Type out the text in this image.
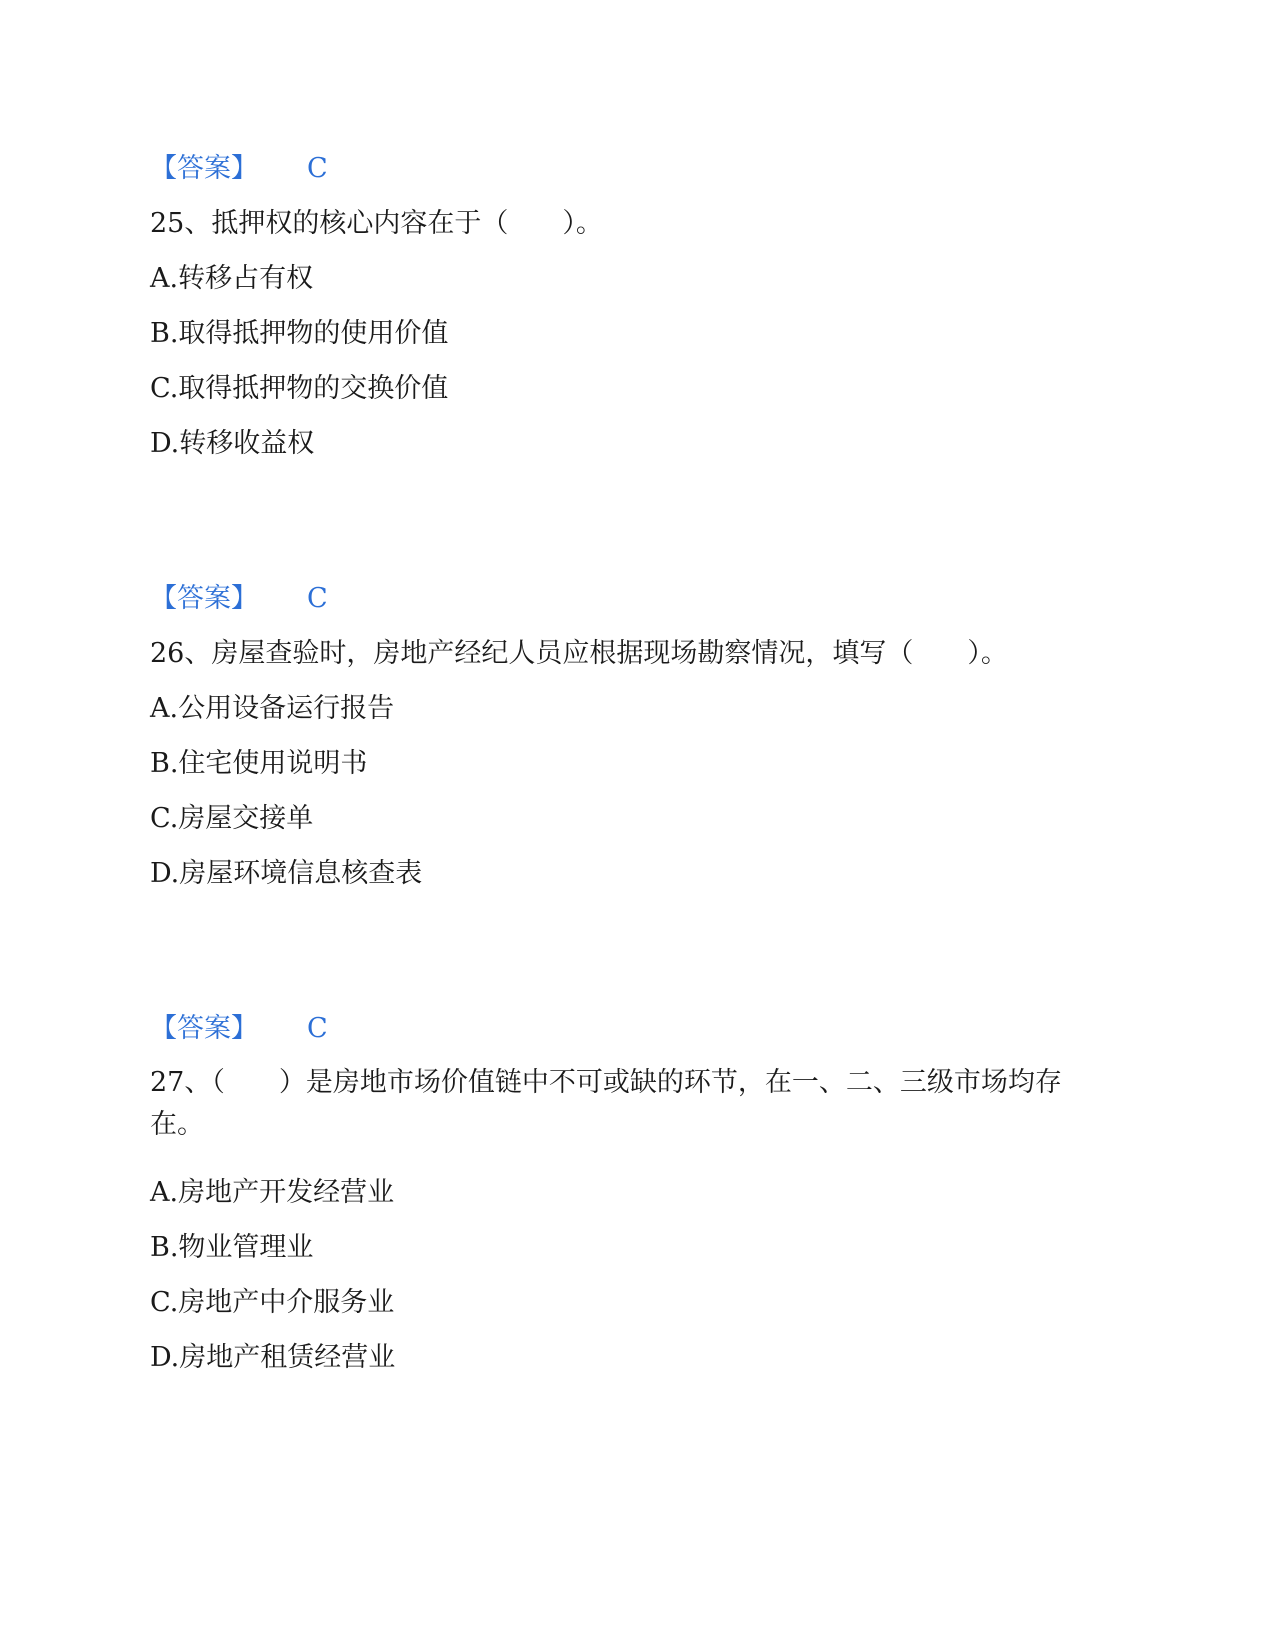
【答案】 C
25、抵押权的核心内容在于（　　）。
A.转移占有权
B.取得抵押物的使用价值
C.取得抵押物的交换价值
D.转移收益权
【答案】 C
26、房屋查验时，房地产经纪人员应根据现场勘察情况，填写（　　）。
A.公用设备运行报告
B.住宅使用说明书
C.房屋交接单
D.房屋环境信息核查表
【答案】 C
27、（　　）是房地市场价值链中不可或缺的环节，在一、二、三级市场均存在。
A.房地产开发经营业
B.物业管理业
C.房地产中介服务业
D.房地产租赁经营业
